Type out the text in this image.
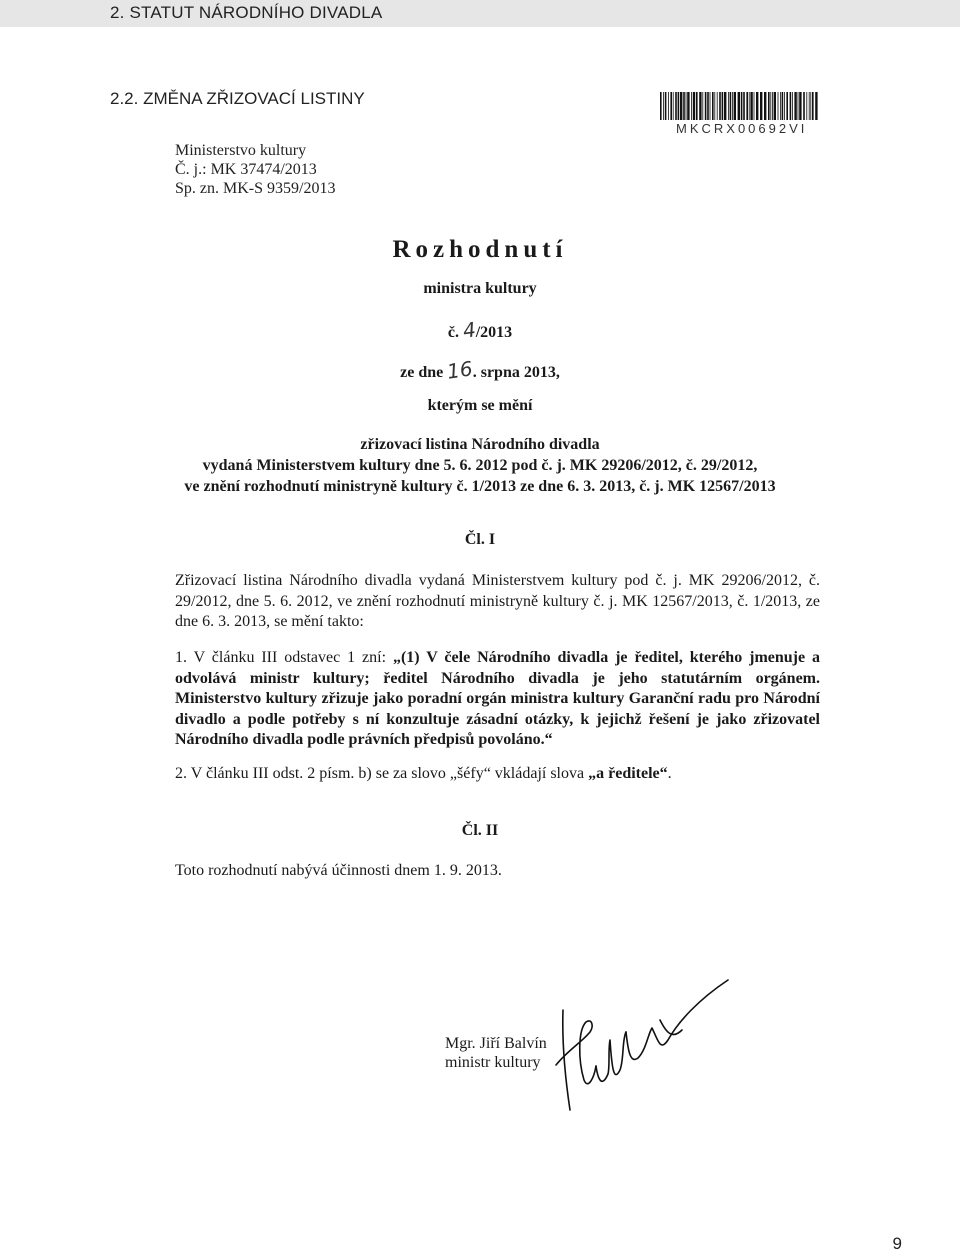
2. STATUT NÁRODNÍHO DIVADLA
2.2. ZMĚNA ZŘIZOVACÍ LISTINY
MKCRX00692VI
Ministerstvo kultury
Č. j.: MK 37474/2013
Sp. zn. MK-S 9359/2013
Rozhodnutí
ministra kultury
č. 4/2013
ze dne 16. srpna 2013,
kterým se mění
zřizovací listina Národního divadla
vydaná Ministerstvem kultury dne 5. 6. 2012 pod č. j. MK 29206/2012, č. 29/2012,
ve znění rozhodnutí ministryně kultury č. 1/2013 ze dne 6. 3. 2013, č. j. MK 12567/2013
Čl. I
Zřizovací listina Národního divadla vydaná Ministerstvem kultury pod č. j. MK 29206/2012, č. 29/2012, dne 5. 6. 2012, ve znění rozhodnutí ministryně kultury č. j. MK 12567/2013, č. 1/2013, ze dne 6. 3. 2013, se mění takto:
1. V článku III odstavec 1 zní: „(1) V čele Národního divadla je ředitel, kterého jmenuje a odvolává ministr kultury; ředitel Národního divadla je jeho statutárním orgánem. Ministerstvo kultury zřizuje jako poradní orgán ministra kultury Garanční radu pro Národní divadlo a podle potřeby s ní konzultuje zásadní otázky, k jejichž řešení je jako zřizovatel Národního divadla podle právních předpisů povoláno.“
2. V článku III odst. 2 písm. b) se za slovo „šéfy“ vkládají slova „a ředitele“.
Čl. II
Toto rozhodnutí nabývá účinnosti dnem 1. 9. 2013.
Mgr. Jiří Balvín
ministr kultury
9
